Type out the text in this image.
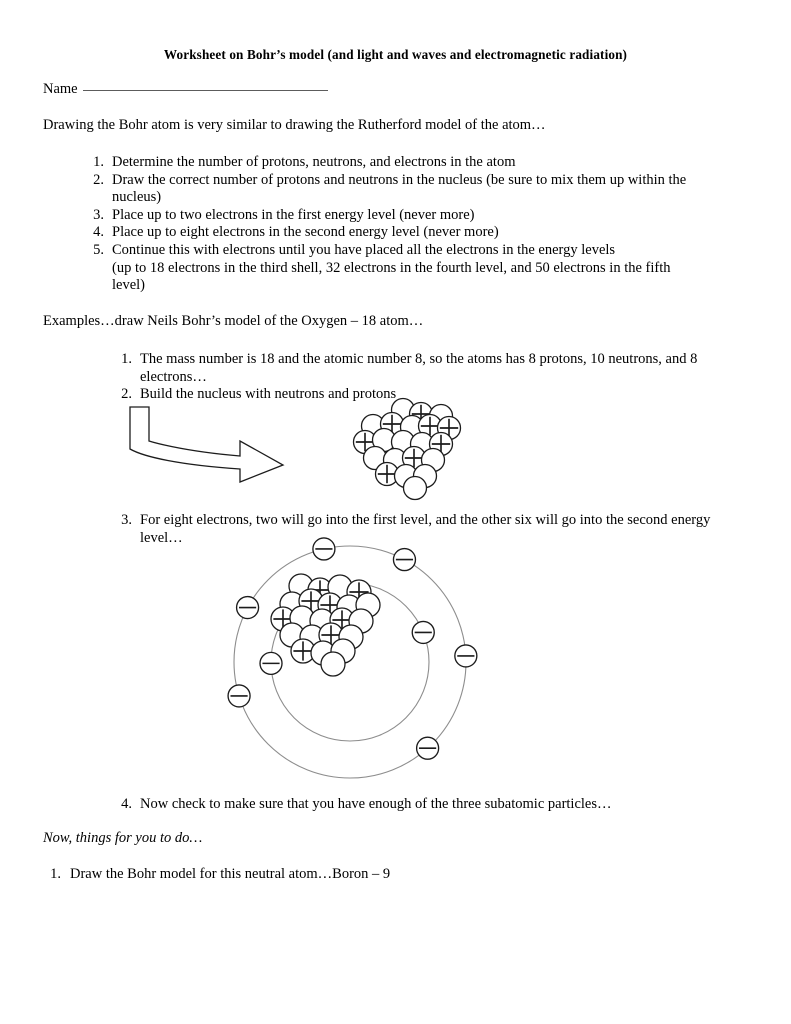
Worksheet on Bohr’s model (and light and waves and electromagnetic radiation)
Name
Drawing the Bohr atom is very similar to drawing the Rutherford model of the atom…
1. Determine the number of protons, neutrons, and electrons in the atom
2. Draw the correct number of protons and neutrons in the nucleus (be sure to mix them up within the
nucleus)
3. Place up to two electrons in the first energy level (never more)
4. Place up to eight electrons in the second energy level (never more)
5. Continue this with electrons until you have placed all the electrons in the energy levels
(up to 18 electrons in the third shell, 32 electrons in the fourth level, and 50 electrons in the fifth
level)
Examples…draw Neils Bohr’s model of the Oxygen – 18 atom…
1. The mass number is 18 and the atomic number 8, so the atoms has 8 protons, 10 neutrons, and 8
electrons…
2. Build the nucleus with neutrons and protons
3. For eight electrons, two will go into the first level, and the other six will go into the second energy
level…
4. Now check to make sure that you have enough of the three subatomic particles…
Now, things for you to do…
1. Draw the Bohr model for this neutral atom…Boron – 9
